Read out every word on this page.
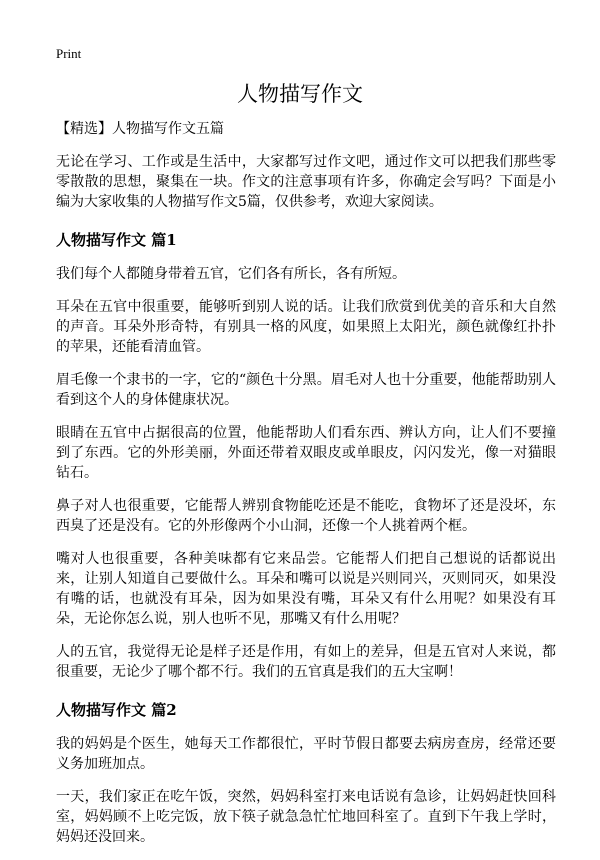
Print
人物描写作文

【精选】人物描写作文五篇

无论在学习、工作或是生活中，大家都写过作文吧，通过作文可以把我们那些零零散散的思想，聚集在一块。作文的注意事项有许多，你确定会写吗？下面是小编为大家收集的人物描写作文5篇，仅供参考，欢迎大家阅读。

人物描写作文 篇1

我们每个人都随身带着五官，它们各有所长，各有所短。

耳朵在五官中很重要，能够听到别人说的话。让我们欣赏到优美的音乐和大自然的声音。耳朵外形奇特，有别具一格的风度，如果照上太阳光，颜色就像红扑扑的苹果，还能看清血管。

眉毛像一个隶书的一字，它的“颜色十分黑。眉毛对人也十分重要，他能帮助别人看到这个人的身体健康状况。

眼睛在五官中占据很高的位置，他能帮助人们看东西、辨认方向，让人们不要撞到了东西。它的外形美丽，外面还带着双眼皮或单眼皮，闪闪发光，像一对猫眼钻石。

鼻子对人也很重要，它能帮人辨别食物能吃还是不能吃，食物坏了还是没坏，东西臭了还是没有。它的外形像两个小山洞，还像一个人挑着两个框。

嘴对人也很重要，各种美味都有它来品尝。它能帮人们把自己想说的话都说出来，让别人知道自己要做什么。耳朵和嘴可以说是兴则同兴，灭则同灭，如果没有嘴的话，也就没有耳朵，因为如果没有嘴，耳朵又有什么用呢？如果没有耳朵，无论你怎么说，别人也听不见，那嘴又有什么用呢？

人的五官，我觉得无论是样子还是作用，有如上的差异，但是五官对人来说，都很重要，无论少了哪个都不行。我们的五官真是我们的五大宝啊！

人物描写作文 篇2

我的妈妈是个医生，她每天工作都很忙，平时节假日都要去病房查房，经常还要义务加班加点。

一天，我们家正在吃午饭，突然，妈妈科室打来电话说有急诊，让妈妈赶快回科室，妈妈顾不上吃完饭，放下筷子就急急忙忙地回科室了。直到下午我上学时，妈妈还没回来。
